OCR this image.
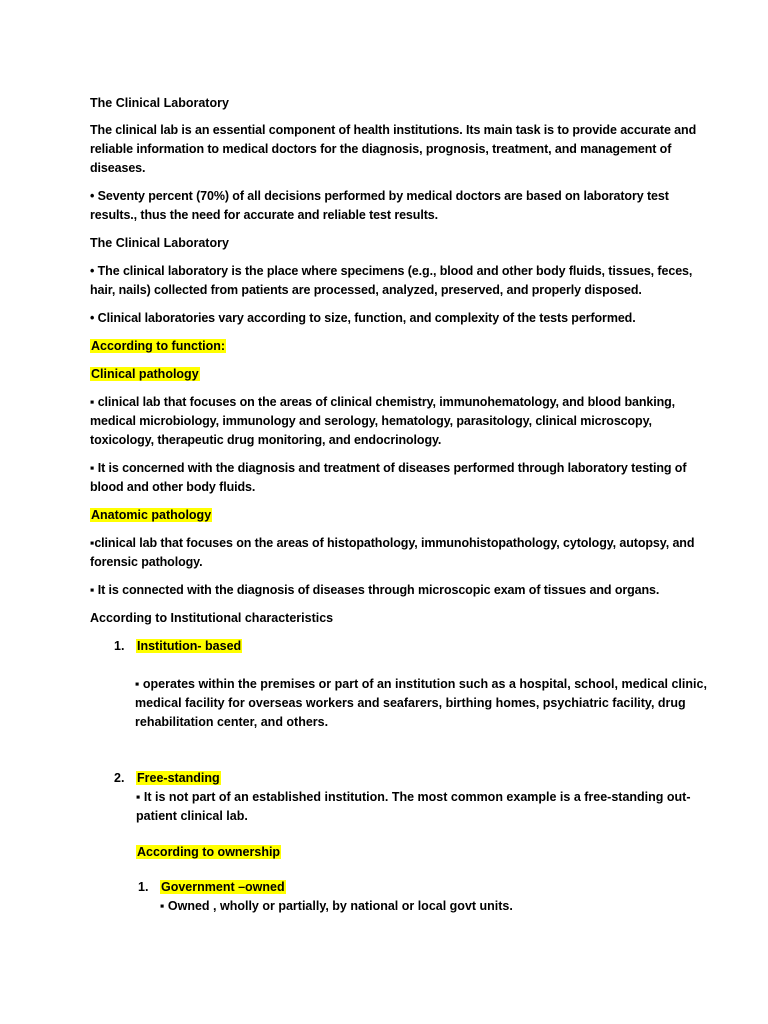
The Clinical Laboratory

The clinical lab is an essential component of health institutions. Its main task is to provide accurate and reliable information to medical doctors for the diagnosis, prognosis, treatment, and management of diseases.

• Seventy percent (70%) of all decisions performed by medical doctors are based on laboratory test results., thus the need for accurate and reliable test results.

The Clinical Laboratory

• The clinical laboratory is the place where specimens (e.g., blood and other body fluids, tissues, feces, hair, nails) collected from patients are processed, analyzed, preserved, and properly disposed.

• Clinical laboratories vary according to size, function, and complexity of the tests performed.

According to function:

Clinical pathology

▪ clinical lab that focuses on the areas of clinical chemistry, immunohematology, and blood banking, medical microbiology, immunology and serology, hematology, parasitology, clinical microscopy, toxicology, therapeutic drug monitoring, and endocrinology.

▪ It is concerned with the diagnosis and treatment of diseases performed through laboratory testing of blood and other body fluids.

Anatomic pathology

▪clinical lab that focuses on the areas of histopathology, immunohistopathology, cytology, autopsy, and forensic pathology.

▪ It is connected with the diagnosis of diseases through microscopic exam of tissues and organs.

According to Institutional characteristics

1. Institution- based

▪ operates within the premises or part of an institution such as a hospital, school, medical clinic, medical facility for overseas workers and seafarers, birthing homes, psychiatric facility, drug rehabilitation center, and others.

2. Free-standing

▪ It is not part of an established institution. The most common example is a free-standing out-patient clinical lab.

According to ownership

1. Government –owned

▪ Owned , wholly or partially, by national or local govt units.
